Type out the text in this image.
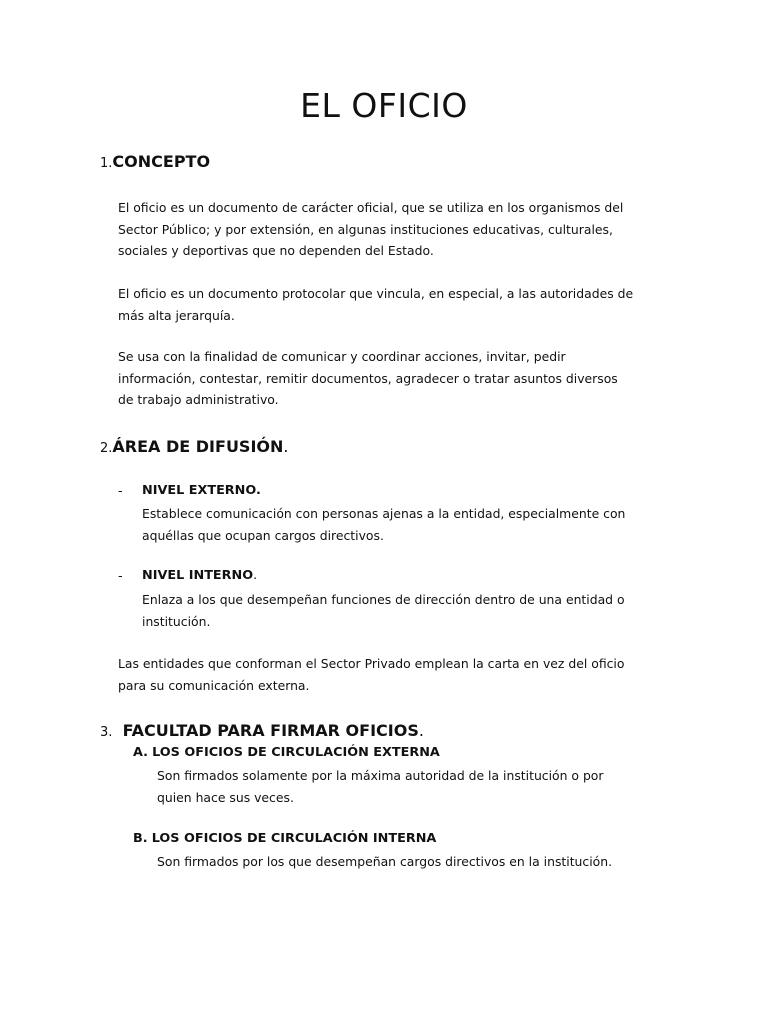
EL OFICIO
1.CONCEPTO
El oficio es un documento de carácter oficial, que se utiliza en los organismos del
Sector Público; y por extensión, en algunas instituciones educativas, culturales,
sociales y deportivas que no dependen del Estado.
El oficio es un documento protocolar que vincula, en especial, a las autoridades de
más alta jerarquía.
Se usa con la finalidad de comunicar y coordinar acciones, invitar, pedir
información, contestar, remitir documentos, agradecer o tratar asuntos diversos
de trabajo administrativo.
2.ÁREA DE DIFUSIÓN.
- NIVEL EXTERNO.
Establece comunicación con personas ajenas a la entidad, especialmente con
aquéllas que ocupan cargos directivos.
- NIVEL INTERNO.
Enlaza a los que desempeñan funciones de dirección dentro de una entidad o
institución.
Las entidades que conforman el Sector Privado emplean la carta en vez del oficio
para su comunicación externa.
3. FACULTAD PARA FIRMAR OFICIOS.
A. LOS OFICIOS DE CIRCULACIÓN EXTERNA
Son firmados solamente por la máxima autoridad de la institución o por
quien hace sus veces.
B. LOS OFICIOS DE CIRCULACIÓN INTERNA
Son firmados por los que desempeñan cargos directivos en la institución.
